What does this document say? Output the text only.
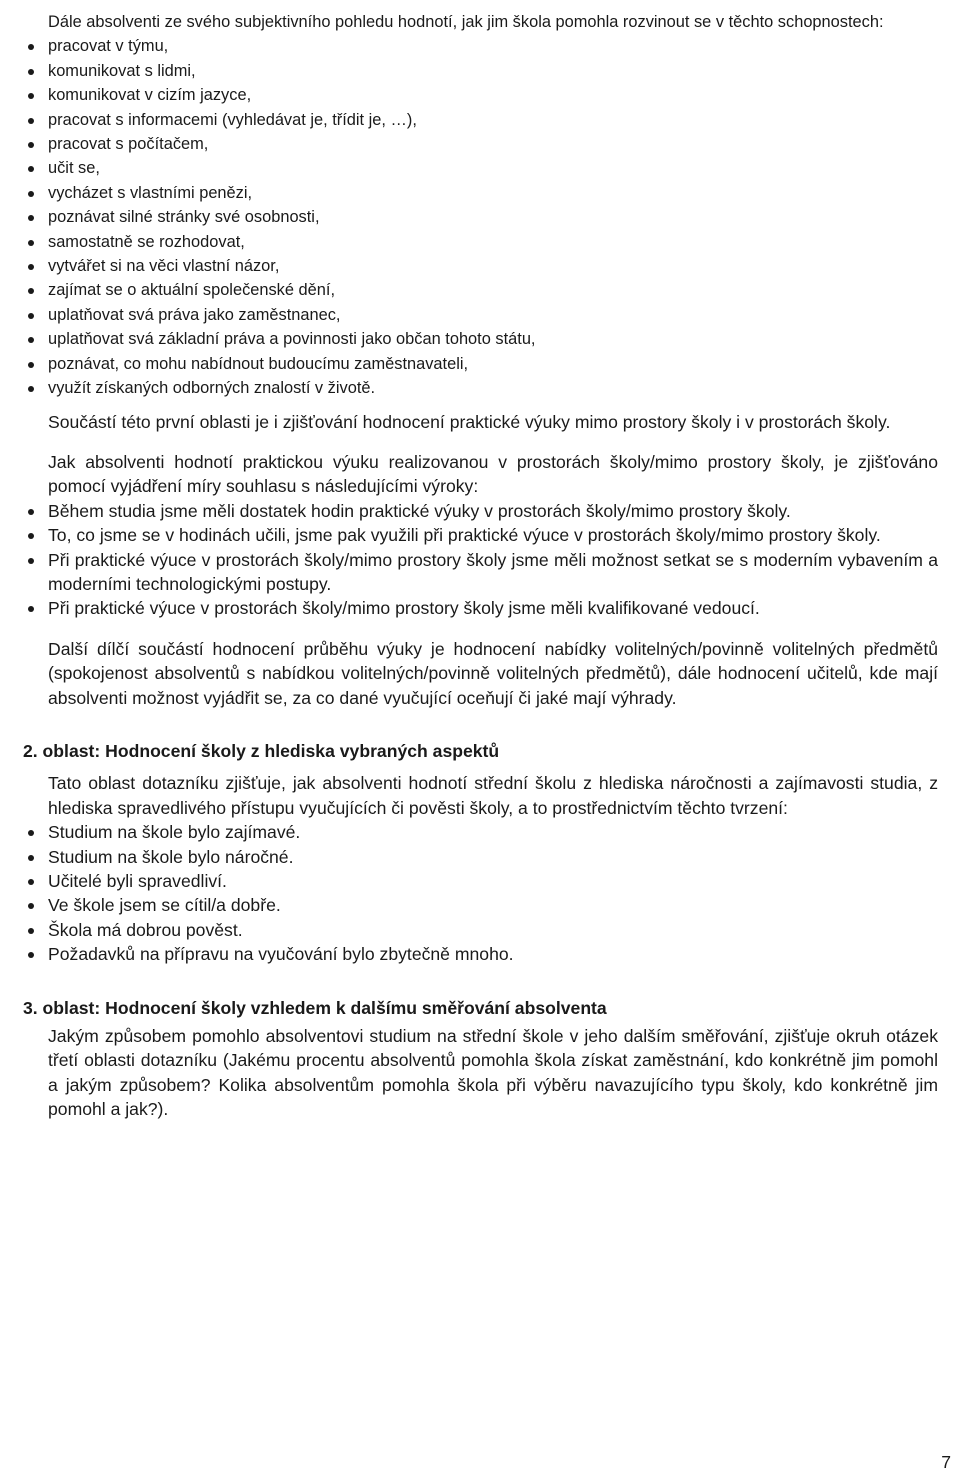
Dále absolventi ze svého subjektivního pohledu hodnotí, jak jim škola pomohla rozvinout se v těchto schopnostech:

pracovat v týmu,
komunikovat s lidmi,
komunikovat v cizím jazyce,
pracovat s informacemi (vyhledávat je, třídit je, …),
pracovat s počítačem,
učit se,
vycházet s vlastními penězi,
poznávat silné stránky své osobnosti,
samostatně se rozhodovat,
vytvářet si na věci vlastní názor,
zajímat se o aktuální společenské dění,
uplatňovat svá práva jako zaměstnanec,
uplatňovat svá základní práva a povinnosti jako občan tohoto státu,
poznávat, co mohu nabídnout budoucímu zaměstnavateli,
využít získaných odborných znalostí v životě.

Součástí této první oblasti je i zjišťování hodnocení praktické výuky mimo prostory školy i v prostorách školy.

Jak absolventi hodnotí praktickou výuku realizovanou v prostorách školy/mimo prostory školy, je zjišťováno pomocí vyjádření míry souhlasu s následujícími výroky:

Během studia jsme měli dostatek hodin praktické výuky v prostorách školy/mimo prostory školy.
To, co jsme se v hodinách učili, jsme pak využili při praktické výuce v prostorách školy/mimo prostory školy.
Při praktické výuce v prostorách školy/mimo prostory školy jsme měli možnost setkat se s moderním vybavením a moderními technologickými postupy.
Při praktické výuce v prostorách školy/mimo prostory školy jsme měli kvalifikované vedoucí.

Další dílčí součástí hodnocení průběhu výuky je hodnocení nabídky volitelných/povinně volitelných předmětů (spokojenost absolventů s nabídkou volitelných/povinně volitelných předmětů), dále hodnocení učitelů, kde mají absolventi možnost vyjádřit se, za co dané vyučující oceňují či jaké mají výhrady.

2. oblast: Hodnocení školy z hlediska vybraných aspektů

Tato oblast dotazníku zjišťuje, jak absolventi hodnotí střední školu z hlediska náročnosti a zajímavosti studia, z hlediska spravedlivého přístupu vyučujících či pověsti školy, a to prostřednictvím těchto tvrzení:

Studium na škole bylo zajímavé.
Studium na škole bylo náročné.
Učitelé byli spravedliví.
Ve škole jsem se cítil/a dobře.
Škola má dobrou pověst.
Požadavků na přípravu na vyučování bylo zbytečně mnoho.
3. oblast: Hodnocení školy vzhledem k dalšímu směřování absolventa

Jakým způsobem pomohlo absolventovi studium na střední škole v jeho dalším směřování, zjišťuje okruh otázek třetí oblasti dotazníku (Jakému procentu absolventů pomohla škola získat zaměstnání, kdo konkrétně jim pomohl a jakým způsobem? Kolika absolventům pomohla škola při výběru navazujícího typu školy, kdo konkrétně jim pomohl a jak?).

7
